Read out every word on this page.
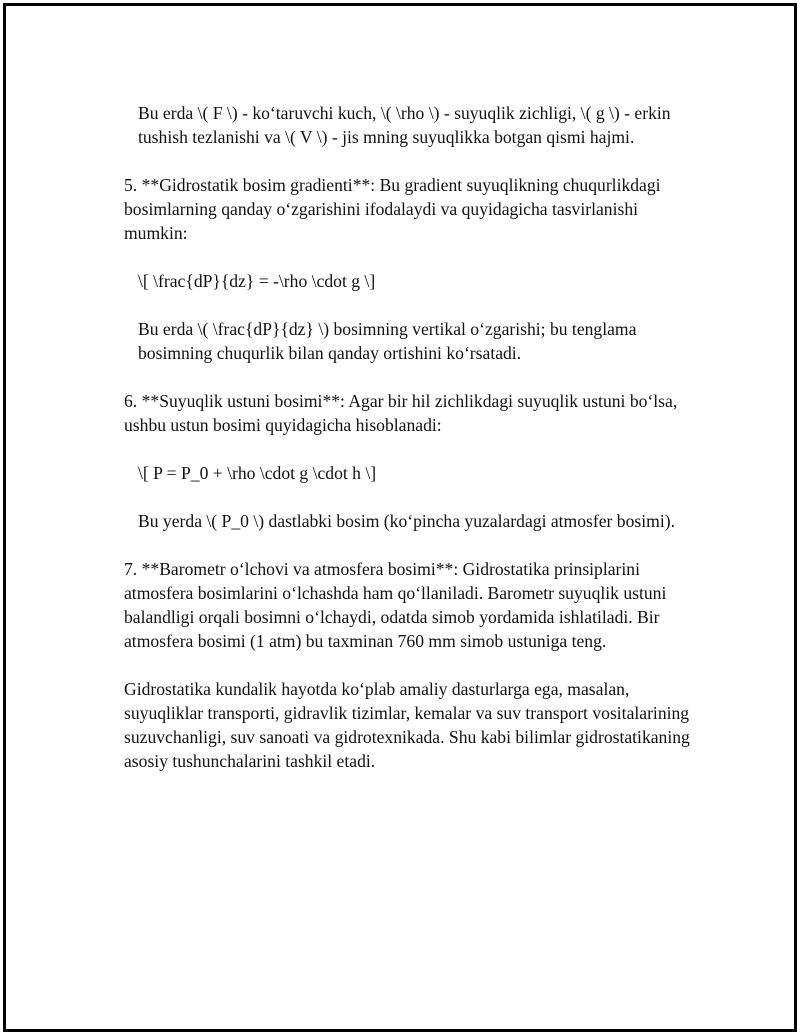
Bu erda \( F \) - ko‘taruvchi kuch, \( \rho \) - suyuqlik zichligi, \( g \) - erkin tushish tezlanishi va \( V \) - jis mning suyuqlikka botgan qismi hajmi.

5. **Gidrostatik bosim gradienti**: Bu gradient suyuqlikning chuqurlikdagi bosimlarning qanday o‘zgarishini ifodalaydi va quyidagicha tasvirlanishi mumkin:

\[ \frac{dP}{dz} = -\rho \cdot g \]

Bu erda \( \frac{dP}{dz} \) bosimning vertikal o‘zgarishi; bu tenglama bosimning chuqurlik bilan qanday ortishini ko‘rsatadi.

6. **Suyuqlik ustuni bosimi**: Agar bir hil zichlikdagi suyuqlik ustuni bo‘lsa, ushbu ustun bosimi quyidagicha hisoblanadi:

\[ P = P_0 + \rho \cdot g \cdot h \]

Bu yerda \( P_0 \) dastlabki bosim (ko‘pincha yuzalardagi atmosfer bosimi).

7. **Barometr o‘lchovi va atmosfera bosimi**: Gidrostatika prinsiplarini atmosfera bosimlarini o‘lchashda ham qo‘llaniladi. Barometr suyuqlik ustuni balandligi orqali bosimni o‘lchaydi, odatda simob yordamida ishlatiladi. Bir atmosfera bosimi (1 atm) bu taxminan 760 mm simob ustuniga teng.

Gidrostatika kundalik hayotda ko‘plab amaliy dasturlarga ega, masalan, suyuqliklar transporti, gidravlik tizimlar, kemalar va suv transport vositalarining suzuvchanligi, suv sanoati va gidrotexnikada. Shu kabi bilimlar gidrostatikaning asosiy tushunchalarini tashkil etadi.
